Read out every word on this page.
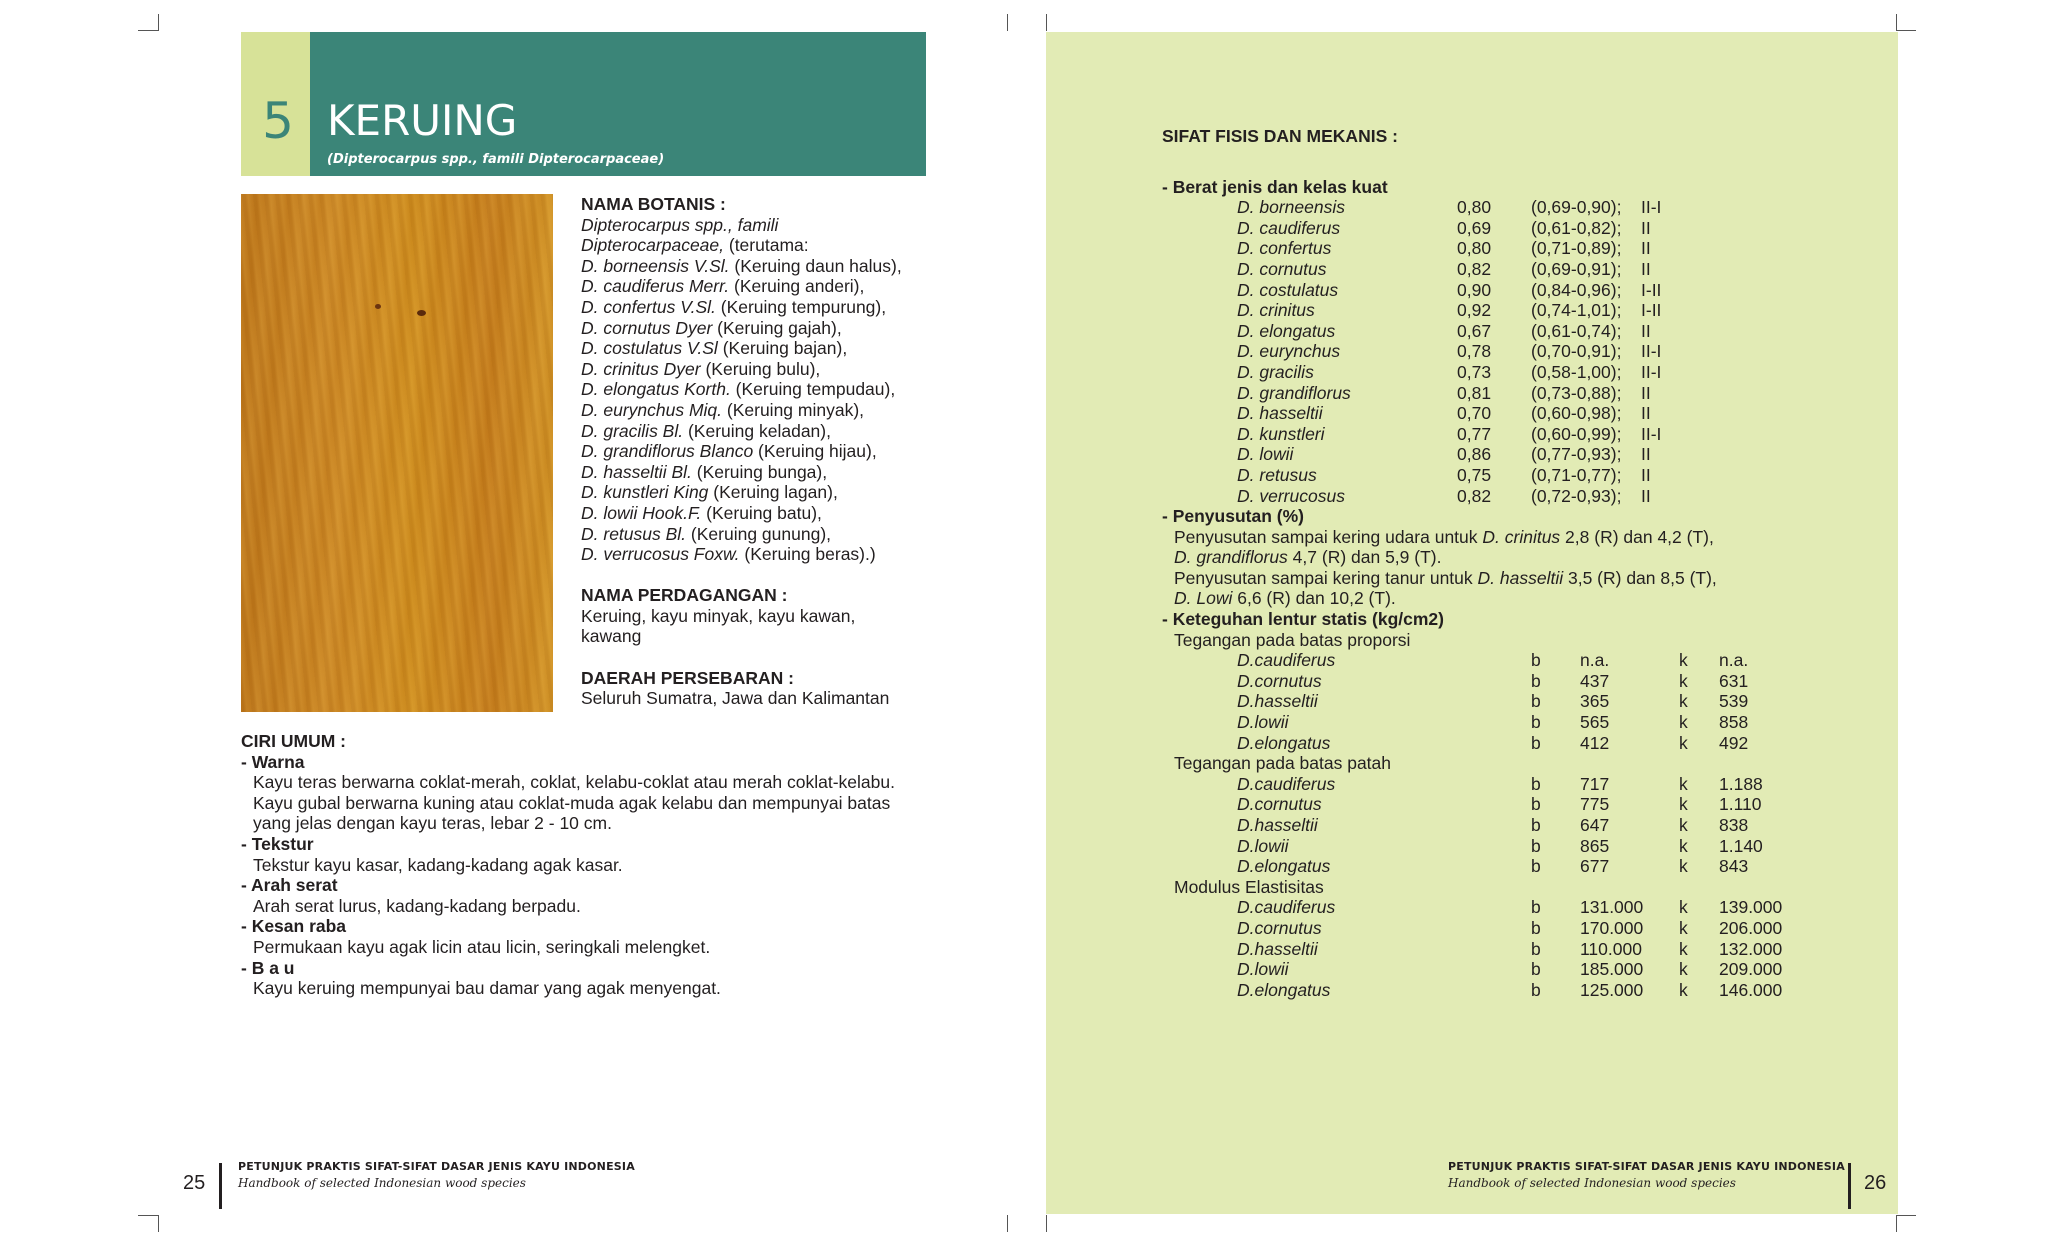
5 KERUING
(Dipterocarpus spp., famili Dipterocarpaceae)
NAMA BOTANIS :
Dipterocarpus spp., famili
Dipterocarpaceae, (terutama:
D. borneensis V.Sl. (Keruing daun halus),
D. caudiferus Merr. (Keruing anderi),
D. confertus V.Sl. (Keruing tempurung),
D. cornutus Dyer (Keruing gajah),
D. costulatus V.Sl (Keruing bajan),
D. crinitus Dyer (Keruing bulu),
D. elongatus Korth. (Keruing tempudau),
D. eurynchus Miq. (Keruing minyak),
D. gracilis Bl. (Keruing keladan),
D. grandiflorus Blanco (Keruing hijau),
D. hasseltii Bl. (Keruing bunga),
D. kunstleri King (Keruing lagan),
D. lowii Hook.F. (Keruing batu),
D. retusus Bl. (Keruing gunung),
D. verrucosus Foxw. (Keruing beras).)
NAMA PERDAGANGAN :
Keruing, kayu minyak, kayu kawan,
kawang
DAERAH PERSEBARAN :
Seluruh Sumatra, Jawa dan Kalimantan
CIRI UMUM :
- Warna
Kayu teras berwarna coklat-merah, coklat, kelabu-coklat atau merah coklat-kelabu.
Kayu gubal berwarna kuning atau coklat-muda agak kelabu dan mempunyai batas
yang jelas dengan kayu teras, lebar 2 - 10 cm.
- Tekstur
Tekstur kayu kasar, kadang-kadang agak kasar.
- Arah serat
Arah serat lurus, kadang-kadang berpadu.
- Kesan raba
Permukaan kayu agak licin atau licin, seringkali melengket.
- B a u
Kayu keruing mempunyai bau damar yang agak menyengat.
25
PETUNJUK PRAKTIS SIFAT-SIFAT DASAR JENIS KAYU INDONESIA
Handbook of selected Indonesian wood species
SIFAT FISIS DAN MEKANIS :
- Berat jenis dan kelas kuat
D. borneensis	0,80 (0,69-0,90); II-I
D. caudiferus	0,69 (0,61-0,82); II
D. confertus	0,80 (0,71-0,89); II
D. cornutus	0,82 (0,69-0,91); II
D. costulatus	0,90 (0,84-0,96); I-II
D. crinitus	0,92 (0,74-1,01); I-II
D. elongatus	0,67 (0,61-0,74); II
D. eurynchus	0,78 (0,70-0,91); II-I
D. gracilis	0,73 (0,58-1,00); II-I
D. grandiflorus	0,81 (0,73-0,88); II
D. hasseltii	0,70 (0,60-0,98); II
D. kunstleri	0,77 (0,60-0,99); II-I
D. lowii	0,86 (0,77-0,93); II
D. retusus	0,75 (0,71-0,77); II
D. verrucosus	0,82 (0,72-0,93); II
- Penyusutan (%)
Penyusutan sampai kering udara untuk D. crinitus 2,8 (R) dan 4,2 (T),
D. grandiflorus 4,7 (R) dan 5,9 (T).
Penyusutan sampai kering tanur untuk D. hasseltii 3,5 (R) dan 8,5 (T),
D. Lowi 6,6 (R) dan 10,2 (T).
- Keteguhan lentur statis (kg/cm2)
Tegangan pada batas proporsi
D.caudiferus	b n.a.	k n.a.
D.cornutus	b 437	k 631
D.hasseltii	b 365	k 539
D.lowii	b 565	k 858
D.elongatus	b 412	k 492
Tegangan pada batas patah
D.caudiferus	b 717	k 1.188
D.cornutus	b 775	k 1.110
D.hasseltii	b 647	k 838
D.lowii	b 865	k 1.140
D.elongatus	b 677	k 843
Modulus Elastisitas
D.caudiferus	b 131.000 k 139.000
D.cornutus	b 170.000 k 206.000
D.hasseltii	b 110.000 k 132.000
D.lowii	b 185.000 k 209.000
D.elongatus	b 125.000 k 146.000
PETUNJUK PRAKTIS SIFAT-SIFAT DASAR JENIS KAYU INDONESIA
Handbook of selected Indonesian wood species	26
